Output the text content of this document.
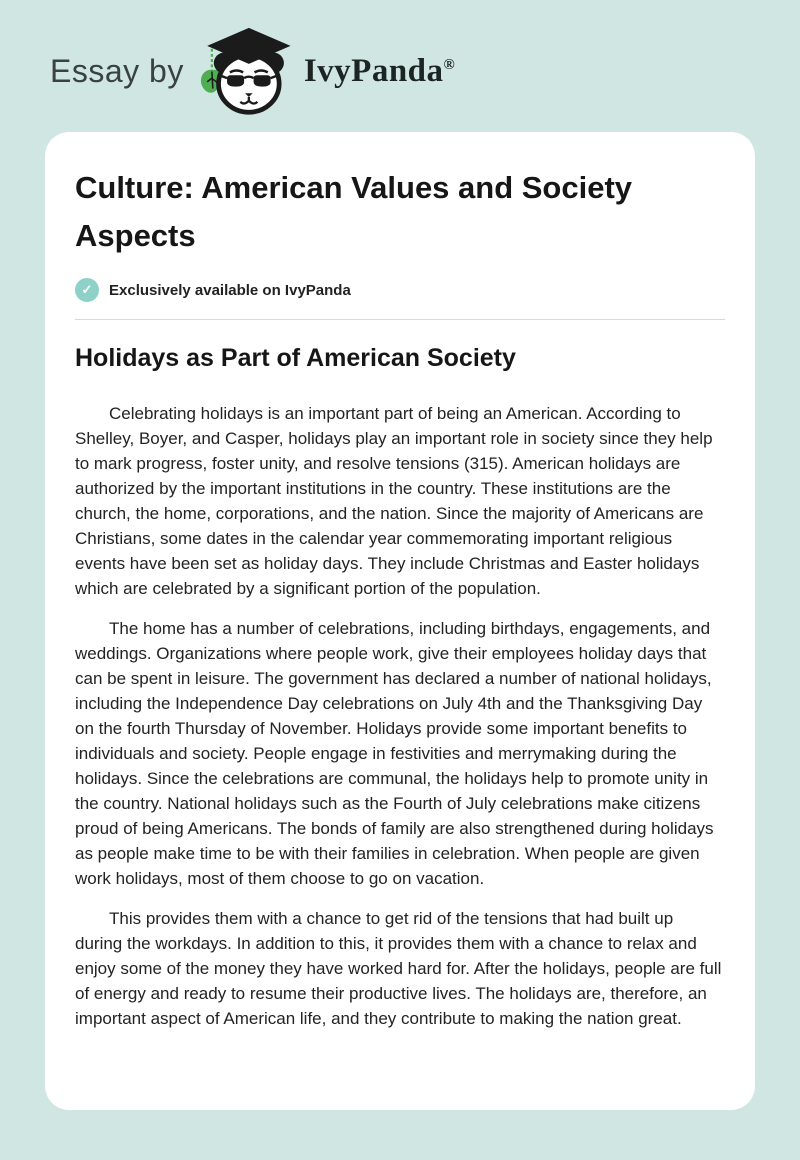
Essay by	IvyPanda®
Culture: American Values and Society Aspects
✓	Exclusively available on IvyPanda
Holidays as Part of American Society

Celebrating holidays is an important part of being an American. According to Shelley, Boyer, and Casper, holidays play an important role in society since they help to mark progress, foster unity, and resolve tensions (315). American holidays are authorized by the important institutions in the country. These institutions are the church, the home, corporations, and the nation. Since the majority of Americans are Christians, some dates in the calendar year commemorating important religious events have been set as holiday days. They include Christmas and Easter holidays which are celebrated by a significant portion of the population.

The home has a number of celebrations, including birthdays, engagements, and weddings. Organizations where people work, give their employees holiday days that can be spent in leisure. The government has declared a number of national holidays, including the Independence Day celebrations on July 4th and the Thanksgiving Day on the fourth Thursday of November. Holidays provide some important benefits to individuals and society. People engage in festivities and merrymaking during the holidays. Since the celebrations are communal, the holidays help to promote unity in the country. National holidays such as the Fourth of July celebrations make citizens proud of being Americans. The bonds of family are also strengthened during holidays as people make time to be with their families in celebration. When people are given work holidays, most of them choose to go on vacation.

This provides them with a chance to get rid of the tensions that had built up during the workdays. In addition to this, it provides them with a chance to relax and enjoy some of the money they have worked hard for. After the holidays, people are full of energy and ready to resume their productive lives. The holidays are, therefore, an important aspect of American life, and they contribute to making the nation great.
